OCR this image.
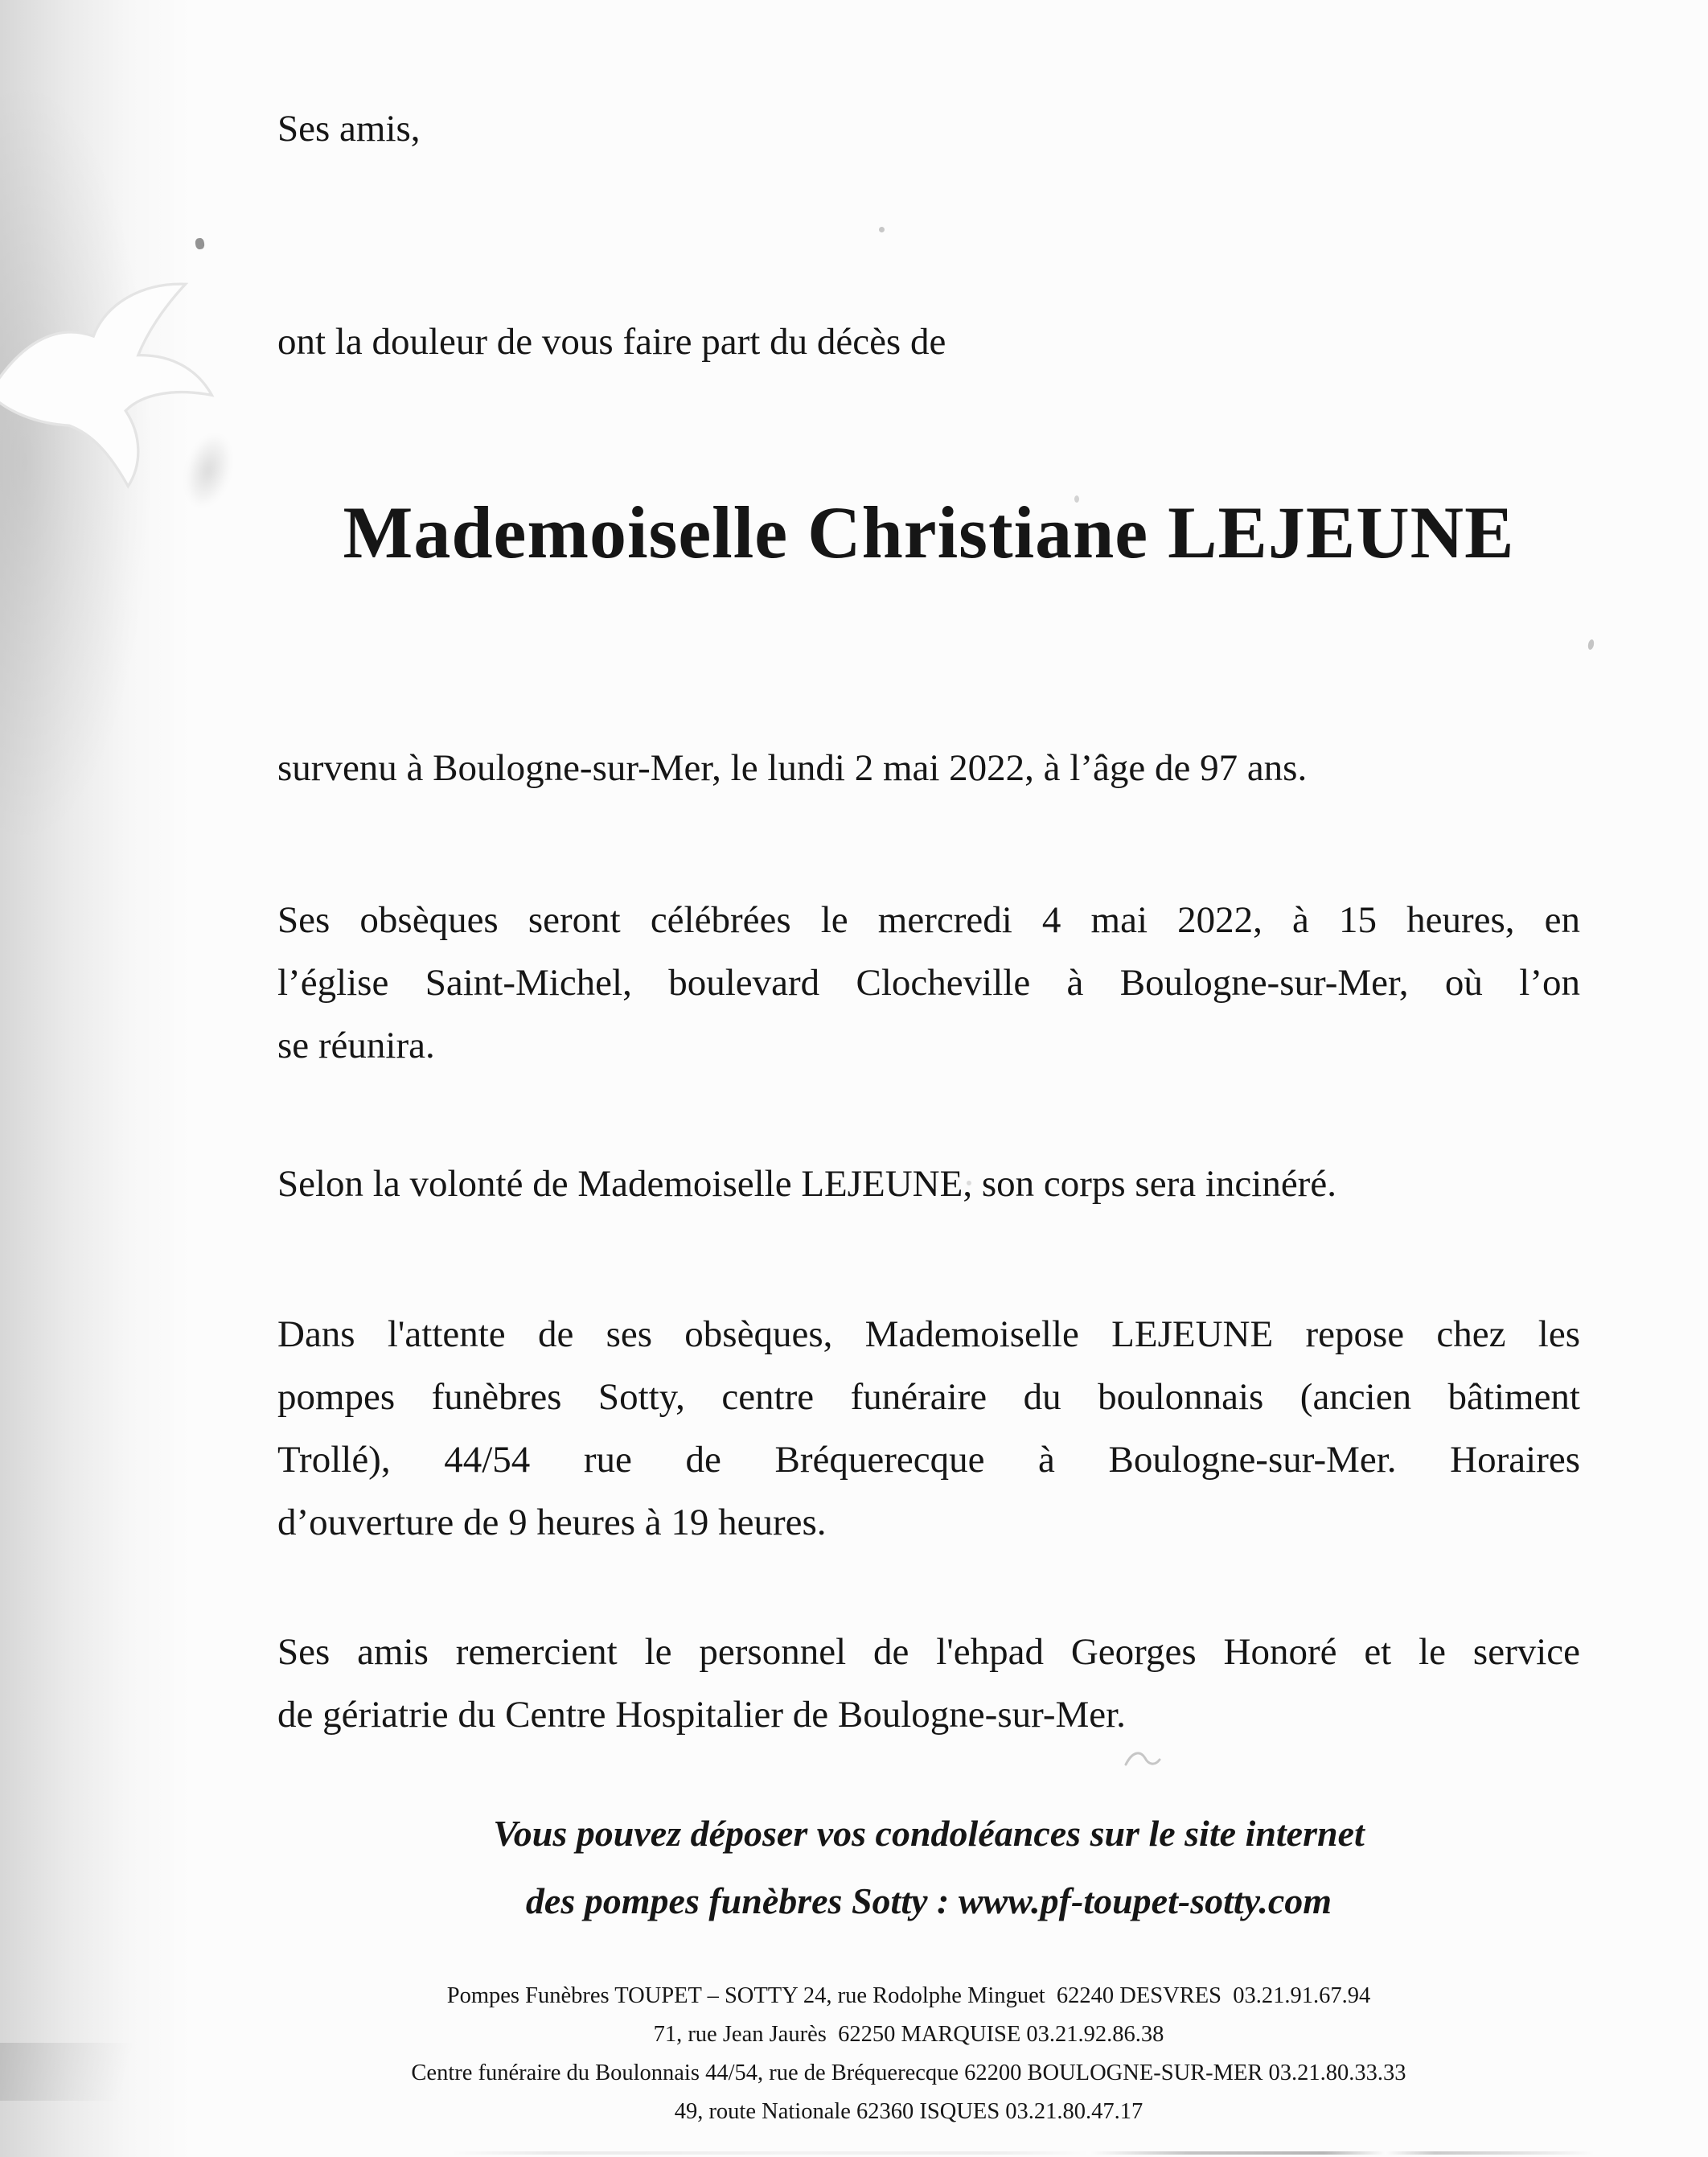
Ses amis,
ont la douleur de vous faire part du décès de
Mademoiselle Christiane LEJEUNE
survenu à Boulogne-sur-Mer, le lundi 2 mai 2022, à l’âge de 97 ans.
Ses obsèques seront célébrées le mercredi 4 mai 2022, à 15 heures, en
l’église Saint-Michel, boulevard Clocheville à Boulogne-sur-Mer, où l’on
se réunira.
Selon la volonté de Mademoiselle LEJEUNE, son corps sera incinéré.
Dans l'attente de ses obsèques, Mademoiselle LEJEUNE repose chez les
pompes funèbres Sotty, centre funéraire du boulonnais (ancien bâtiment
Trollé), 44/54 rue de Bréquerecque à Boulogne-sur-Mer. Horaires
d’ouverture de 9 heures à 19 heures.
Ses amis remercient le personnel de l'ehpad Georges Honoré et le service
de gériatrie du Centre Hospitalier de Boulogne-sur-Mer.
Vous pouvez déposer vos condoléances sur le site internet
des pompes funèbres Sotty : www.pf-toupet-sotty.com
Pompes Funèbres TOUPET – SOTTY 24, rue Rodolphe Minguet  62240 DESVRES  03.21.91.67.94
71, rue Jean Jaurès  62250 MARQUISE 03.21.92.86.38
Centre funéraire du Boulonnais 44/54, rue de Bréquerecque 62200 BOULOGNE-SUR-MER 03.21.80.33.33
49, route Nationale 62360 ISQUES 03.21.80.47.17
